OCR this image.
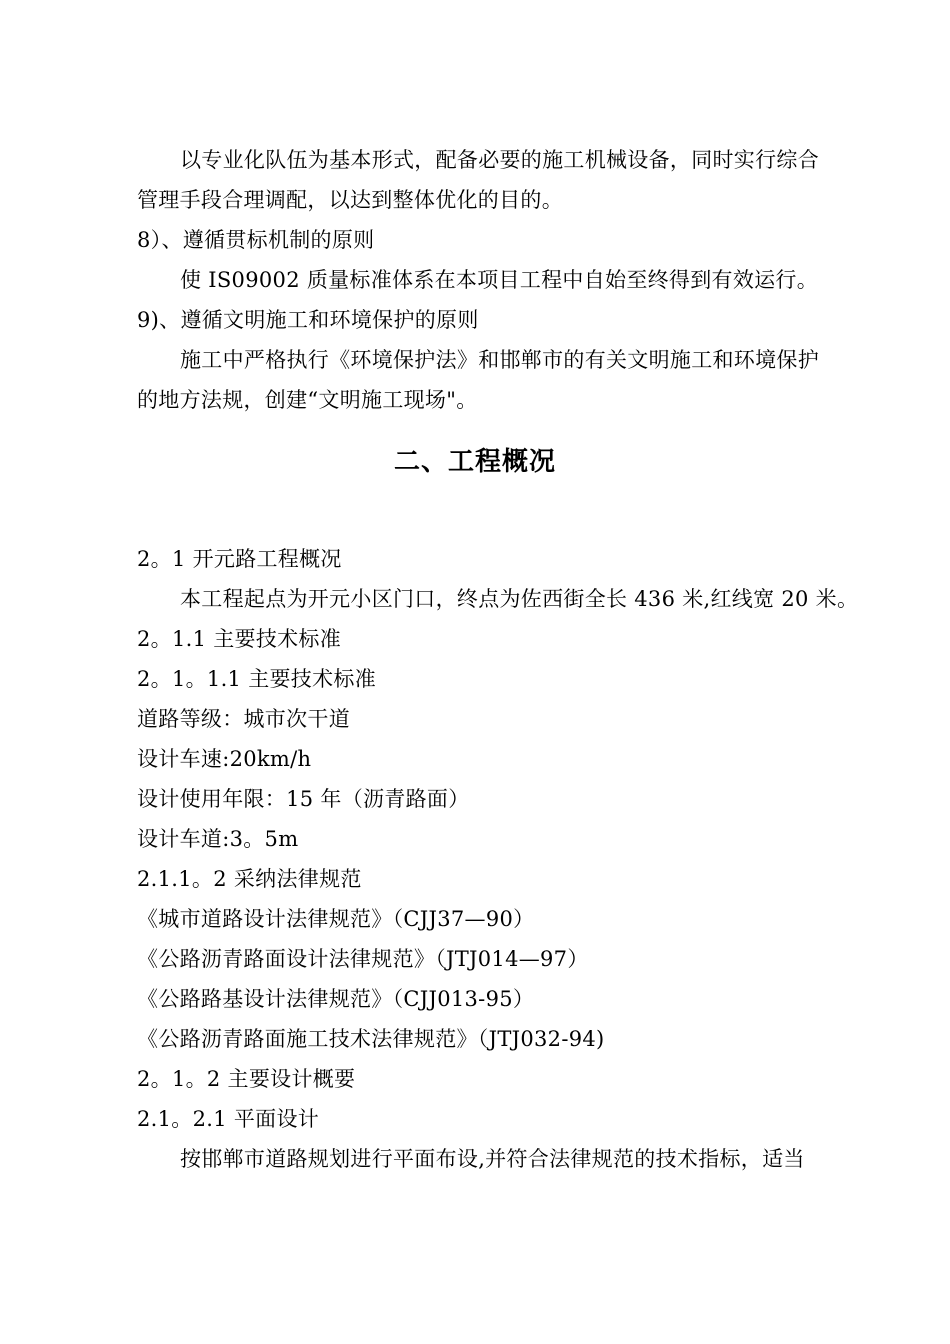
以专业化队伍为基本形式，配备必要的施工机械设备，同时实行综合
管理手段合理调配，以达到整体优化的目的。
8）、遵循贯标机制的原则
使 IS09002 质量标准体系在本项目工程中自始至终得到有效运行。
9)、遵循文明施工和环境保护的原则
施工中严格执行《环境保护法》和邯郸市的有关文明施工和环境保护
的地方法规，创建“文明施工现场"。
二、工程概况
2。1 开元路工程概况
本工程起点为开元小区门口，终点为佐西街全长 436 米,红线宽 20 米。
2。1.1 主要技术标准
2。1。1.1 主要技术标准
道路等级：城市次干道
设计车速:20km/h
设计使用年限：15 年（沥青路面）
设计车道:3。5m
2.1.1。2 采纳法律规范
《城市道路设计法律规范》（CJJ37—90）
《公路沥青路面设计法律规范》（JTJ014—97）
《公路路基设计法律规范》（CJJ013-95）
《公路沥青路面施工技术法律规范》（JTJ032-94)
2。1。2 主要设计概要
2.1。2.1 平面设计
按邯郸市道路规划进行平面布设,并符合法律规范的技术指标，适当
